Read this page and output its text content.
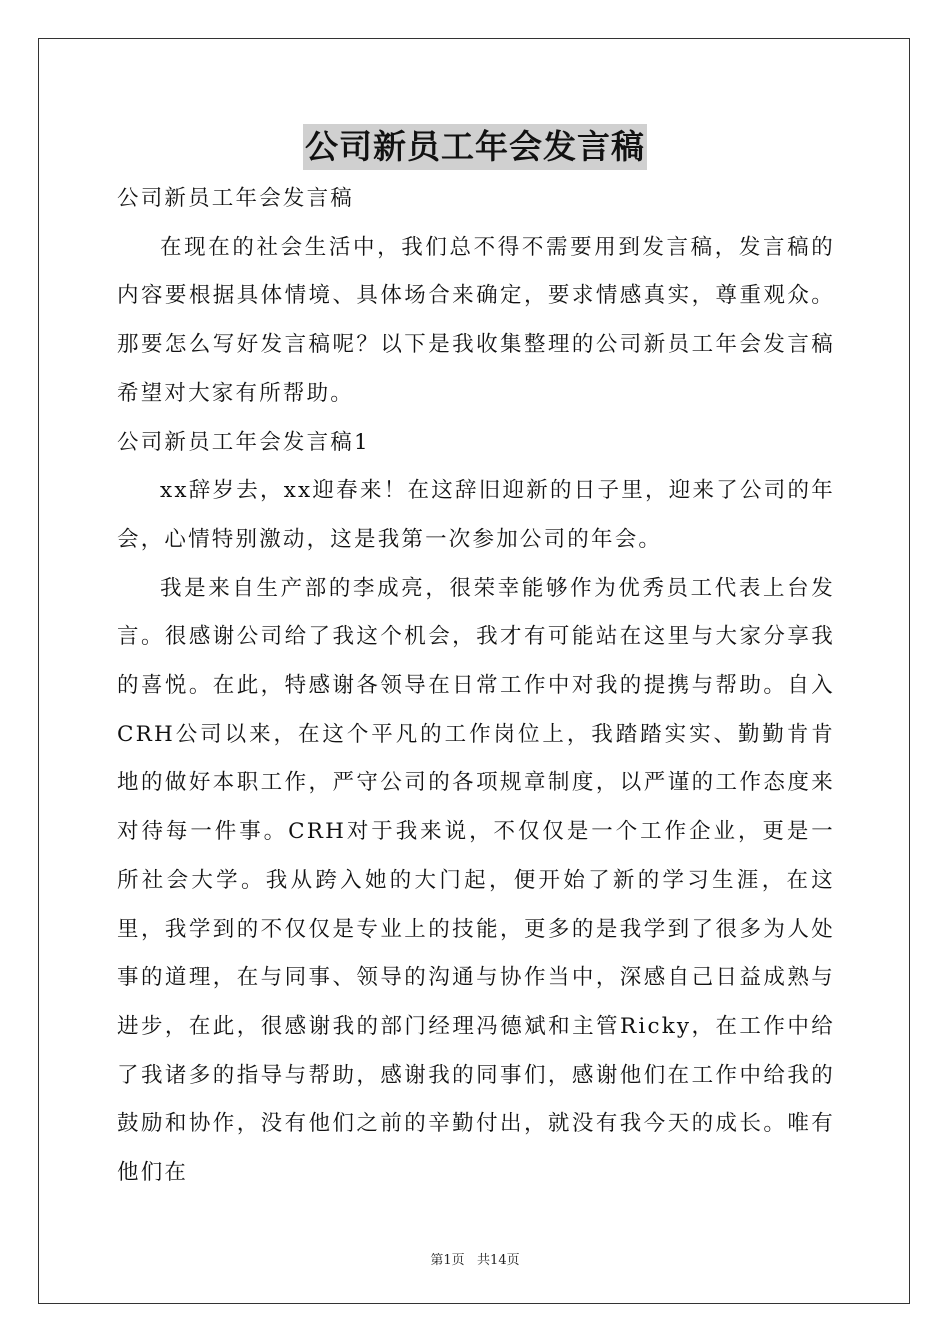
公司新员工年会发言稿

公司新员工年会发言稿

在现在的社会生活中，我们总不得不需要用到发言稿，发言稿的内容要根据具体情境、具体场合来确定，要求情感真实，尊重观众。那要怎么写好发言稿呢？以下是我收集整理的公司新员工年会发言稿希望对大家有所帮助。

公司新员工年会发言稿1

xx辞岁去，xx迎春来！在这辞旧迎新的日子里，迎来了公司的年会，心情特别激动，这是我第一次参加公司的年会。

我是来自生产部的李成亮，很荣幸能够作为优秀员工代表上台发言。很感谢公司给了我这个机会，我才有可能站在这里与大家分享我的喜悦。在此，特感谢各领导在日常工作中对我的提携与帮助。自入CRH公司以来，在这个平凡的工作岗位上，我踏踏实实、勤勤肯肯地的做好本职工作，严守公司的各项规章制度，以严谨的工作态度来对待每一件事。CRH对于我来说，不仅仅是一个工作企业，更是一所社会大学。我从跨入她的大门起，便开始了新的学习生涯，在这里，我学到的不仅仅是专业上的技能，更多的是我学到了很多为人处事的道理，在与同事、领导的沟通与协作当中，深感自己日益成熟与进步，在此，很感谢我的部门经理冯德斌和主管Ricky，在工作中给了我诸多的指导与帮助，感谢我的同事们，感谢他们在工作中给我的鼓励和协作，没有他们之前的辛勤付出，就没有我今天的成长。唯有他们在

第1页   共14页
